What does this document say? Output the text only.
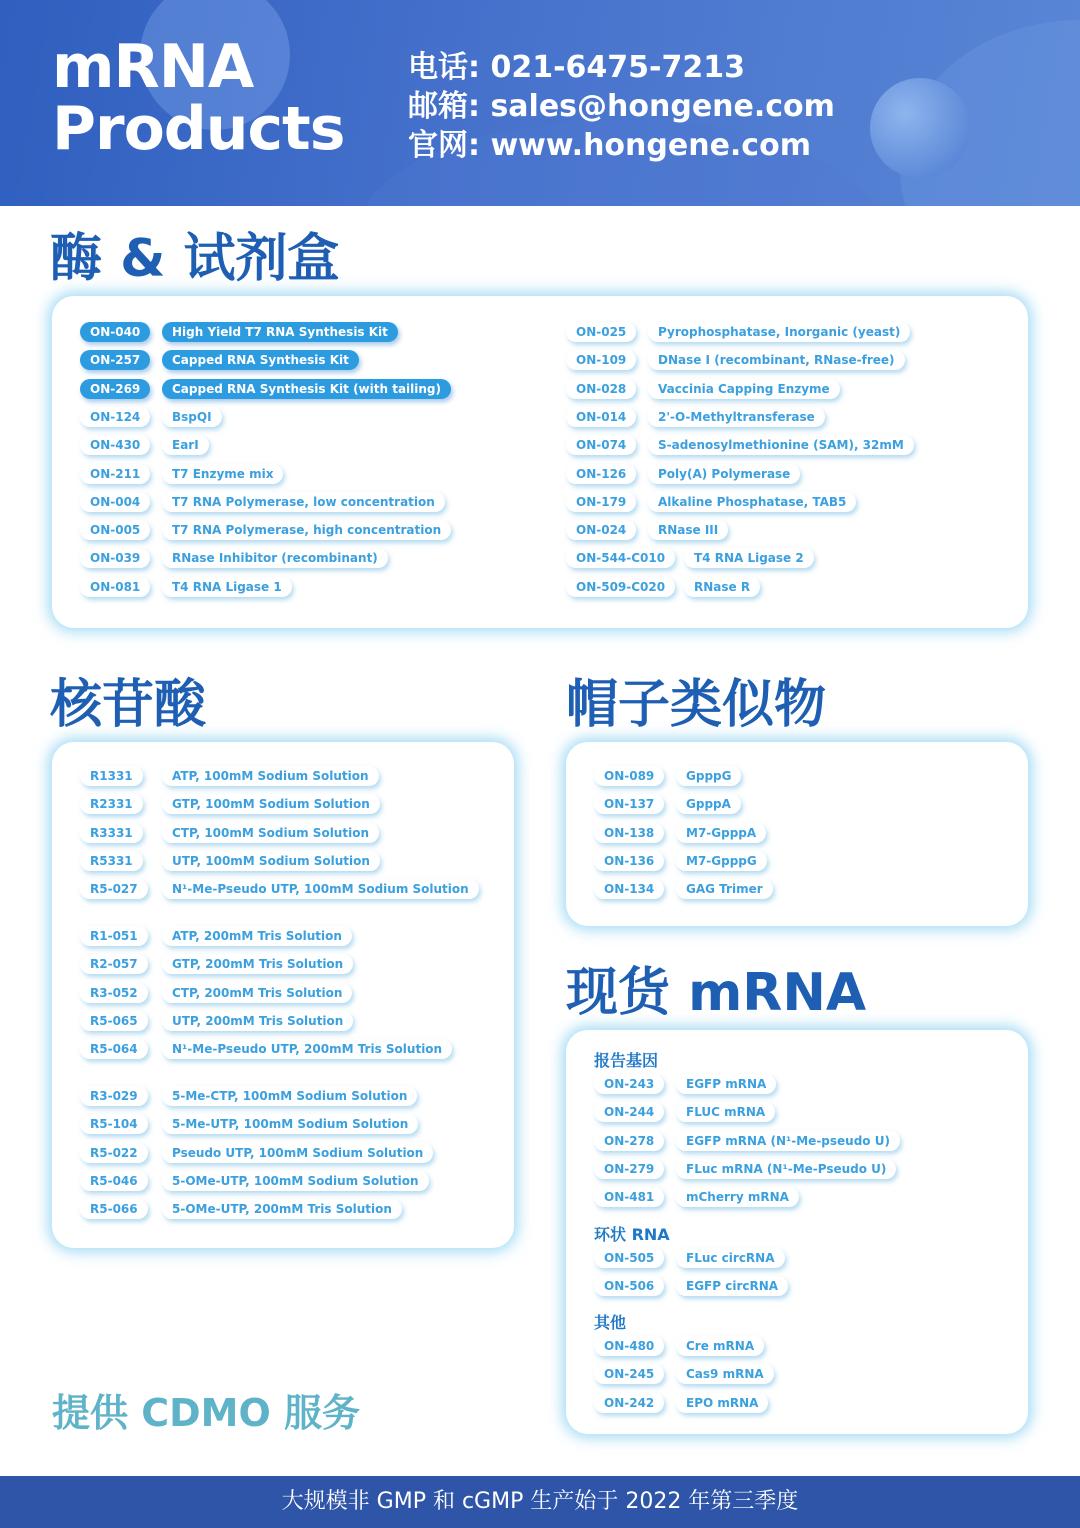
mRNA
Products
电话: 021-6475-7213
邮箱: sales@hongene.com
官网: www.hongene.com
酶 & 试剂盒
ON-040	High Yield T7 RNA Synthesis Kit
ON-257	Capped RNA Synthesis Kit
ON-269	Capped RNA Synthesis Kit (with tailing)
ON-124	BspQI
ON-430	EarI
ON-211	T7 Enzyme mix
ON-004	T7 RNA Polymerase, low concentration
ON-005	T7 RNA Polymerase, high concentration
ON-039	RNase Inhibitor (recombinant)
ON-081	T4 RNA Ligase 1
ON-025	Pyrophosphatase, Inorganic (yeast)
ON-109	DNase I (recombinant, RNase-free)
ON-028	Vaccinia Capping Enzyme
ON-014	2'-O-Methyltransferase
ON-074	S-adenosylmethionine (SAM), 32mM
ON-126	Poly(A) Polymerase
ON-179	Alkaline Phosphatase, TAB5
ON-024	RNase III
ON-544-C010	T4 RNA Ligase 2
ON-509-C020	RNase R
核苷酸
R1331	ATP, 100mM Sodium Solution
R2331	GTP, 100mM Sodium Solution
R3331	CTP, 100mM Sodium Solution
R5331	UTP, 100mM Sodium Solution
R5-027	N¹-Me-Pseudo UTP, 100mM Sodium Solution
R1-051	ATP, 200mM Tris Solution
R2-057	GTP, 200mM Tris Solution
R3-052	CTP, 200mM Tris Solution
R5-065	UTP, 200mM Tris Solution
R5-064	N¹-Me-Pseudo UTP, 200mM Tris Solution
R3-029	5-Me-CTP, 100mM Sodium Solution
R5-104	5-Me-UTP, 100mM Sodium Solution
R5-022	Pseudo UTP, 100mM Sodium Solution
R5-046	5-OMe-UTP, 100mM Sodium Solution
R5-066	5-OMe-UTP, 200mM Tris Solution
帽子类似物
ON-089	GpppG
ON-137	GpppA
ON-138	M7-GpppA
ON-136	M7-GpppG
ON-134	GAG Trimer
现货 mRNA
报告基因
ON-243	EGFP mRNA
ON-244	FLUC mRNA
ON-278	EGFP mRNA (N¹-Me-pseudo U)
ON-279	FLuc mRNA (N¹-Me-Pseudo U)
ON-481	mCherry mRNA
环状 RNA
ON-505	FLuc circRNA
ON-506	EGFP circRNA
其他
ON-480	Cre mRNA
ON-245	Cas9 mRNA
ON-242	EPO mRNA
提供 CDMO 服务
大规模非 GMP 和 cGMP 生产始于 2022 年第三季度
